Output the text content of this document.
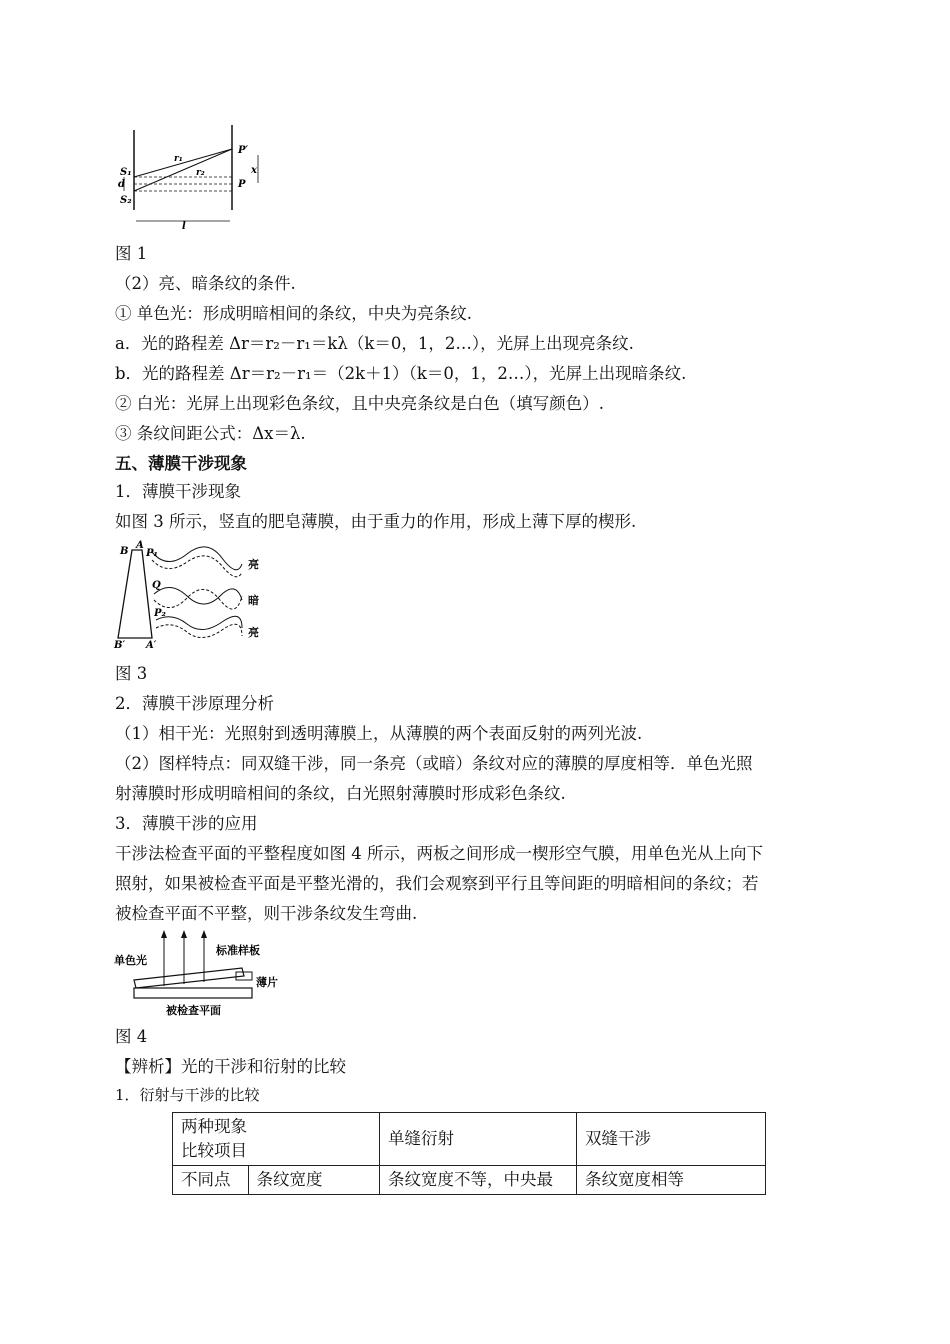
S₁
d
S₂
r₁
r₂
P′
P
x
l
图 1
（2）亮、暗条纹的条件.
① 单色光：形成明暗相间的条纹，中央为亮条纹.
a．光的路程差 Δr＝r₂－r₁＝kλ（k＝0，1，2…），光屏上出现亮条纹.
b．光的路程差 Δr＝r₂－r₁＝（2k＋1）（k＝0，1，2…），光屏上出现暗条纹.
② 白光：光屏上出现彩色条纹，且中央亮条纹是白色（填写颜色）.
③ 条纹间距公式：Δx＝λ.
五、薄膜干涉现象
1．薄膜干涉现象
如图 3 所示，竖直的肥皂薄膜，由于重力的作用，形成上薄下厚的楔形.
B
A
P₁
Q
P₂
B′ A′
亮
暗
亮
图 3
2．薄膜干涉原理分析
（1）相干光：光照射到透明薄膜上，从薄膜的两个表面反射的两列光波.
（2）图样特点：同双缝干涉，同一条亮（或暗）条纹对应的薄膜的厚度相等．单色光照
射薄膜时形成明暗相间的条纹，白光照射薄膜时形成彩色条纹.
3．薄膜干涉的应用
干涉法检查平面的平整程度如图 4 所示，两板之间形成一楔形空气膜，用单色光从上向下
照射，如果被检查平面是平整光滑的，我们会观察到平行且等间距的明暗相间的条纹；若
被检查平面不平整，则干涉条纹发生弯曲.
单色光
标准样板
薄片
被检查平面
图 4
【辨析】光的干涉和衍射的比较
1．衍射与干涉的比较
两种现象
比较项目		单缝衍射	双缝干涉
不同点	条纹宽度	条纹宽度不等，中央最	条纹宽度相等
